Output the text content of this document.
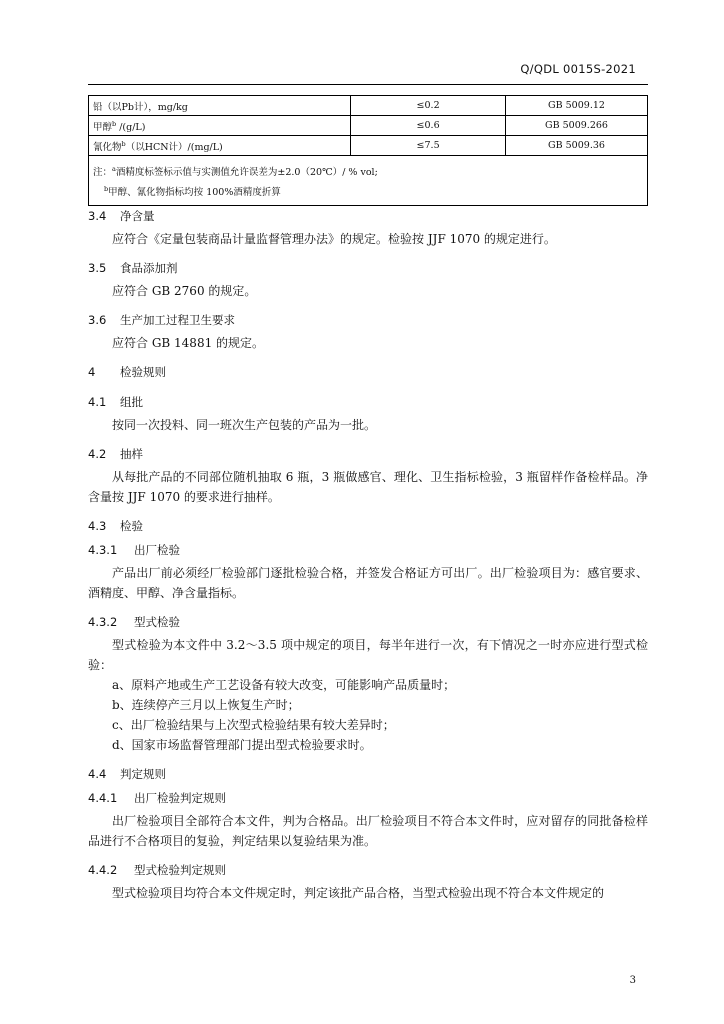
Q/QDL 0015S-2021
铅（以Pb计），mg/kg	≤0.2	GB 5009.12
甲醇$^b$ /(g/L)	≤0.6	GB 5009.266
氰化物$^b$（以HCN计）/(mg/L)	≤7.5	GB 5009.36

注：$^a$酒精度标签标示值与实测值允许误差为±2.0（20℃）/ % vol;
$^b$甲醇、氰化物指标均按 100%酒精度折算		
3.4 净含量

应符合《定量包装商品计量监督管理办法》的规定。检验按 JJF 1070 的规定进行。

3.5 食品添加剂

应符合 GB 2760 的规定。

3.6 生产加工过程卫生要求

应符合 GB 14881 的规定。

4 检验规则
4.1 组批

按同一次投料、同一班次生产包装的产品为一批。

4.2 抽样

从每批产品的不同部位随机抽取 6 瓶，3 瓶做感官、理化、卫生指标检验，3 瓶留样作备检样品。净含量按 JJF 1070 的要求进行抽样。

4.3 检验
4.3.1 出厂检验

产品出厂前必须经厂检验部门逐批检验合格，并签发合格证方可出厂。出厂检验项目为：感官要求、酒精度、甲醇、净含量指标。

4.3.2 型式检验

型式检验为本文件中 3.2～3.5 项中规定的项目，每半年进行一次，有下情况之一时亦应进行型式检验：

a、原料产地或生产工艺设备有较大改变，可能影响产品质量时；

b、连续停产三月以上恢复生产时；

c、出厂检验结果与上次型式检验结果有较大差异时；

d、国家市场监督管理部门提出型式检验要求时。

4.4 判定规则
4.4.1 出厂检验判定规则

出厂检验项目全部符合本文件，判为合格品。出厂检验项目不符合本文件时，应对留存的同批备检样品进行不合格项目的复验，判定结果以复验结果为准。

4.4.2 型式检验判定规则

型式检验项目均符合本文件规定时，判定该批产品合格，当型式检验出现不符合本文件规定的

3
